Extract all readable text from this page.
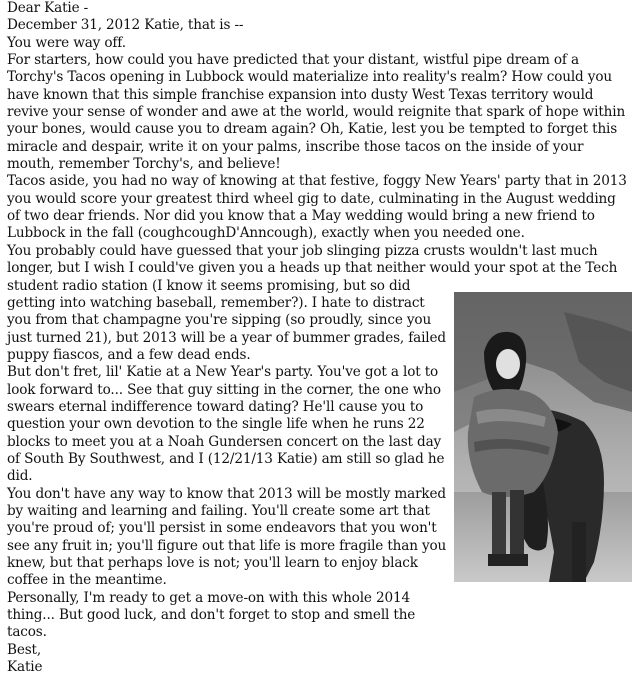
Dear Katie -

December 31, 2012 Katie, that is --

You were way off.

For starters, how could you have predicted that your distant, wistful pipe dream of a Torchy's Tacos opening in Lubbock would materialize into reality's realm? How could you have known that this simple franchise expansion into dusty West Texas territory would revive your sense of wonder and awe at the world, would reignite that spark of hope within your bones, would cause you to dream again? Oh, Katie, lest you be tempted to forget this miracle and despair, write it on your palms, inscribe those tacos on the inside of your mouth, remember Torchy's, and believe!

Tacos aside, you had no way of knowing at that festive, foggy New Years' party that in 2013 you would score your greatest third wheel gig to date, culminating in the August wedding of two dear friends. Nor did you know that a May wedding would bring a new friend to Lubbock in the fall (coughcoughD'Anncough), exactly when you needed one.

You probably could have guessed that your job slinging pizza crusts wouldn't last much longer, but I wish I could've given you a heads up that neither would your spot at the Tech student radio station (I know it seems promising, but so did getting into watching baseball, remember?). I hate to distract you from that champagne you're sipping (so proudly, since you just turned 21), but 2013 will be a year of bummer grades, failed puppy fiascos, and a few dead ends.

But don't fret, lil' Katie at a New Year's party. You've got a lot to look forward to... See that guy sitting in the corner, the one who swears eternal indifference toward dating? He'll cause you to question your own devotion to the single life when he runs 22 blocks to meet you at a Noah Gundersen concert on the last day of South By Southwest, and I (12/21/13 Katie) am still so glad he did.

You don't have any way to know that 2013 will be mostly marked by waiting and learning and failing. You'll create some art that you're proud of; you'll persist in some endeavors that you won't see any fruit in; you'll figure out that life is more fragile than you knew, but that perhaps love is not; you'll learn to enjoy black coffee in the meantime.

Personally, I'm ready to get a move-on with this whole 2014 thing... But good luck, and don't forget to stop and smell the tacos.

Best,

Katie
